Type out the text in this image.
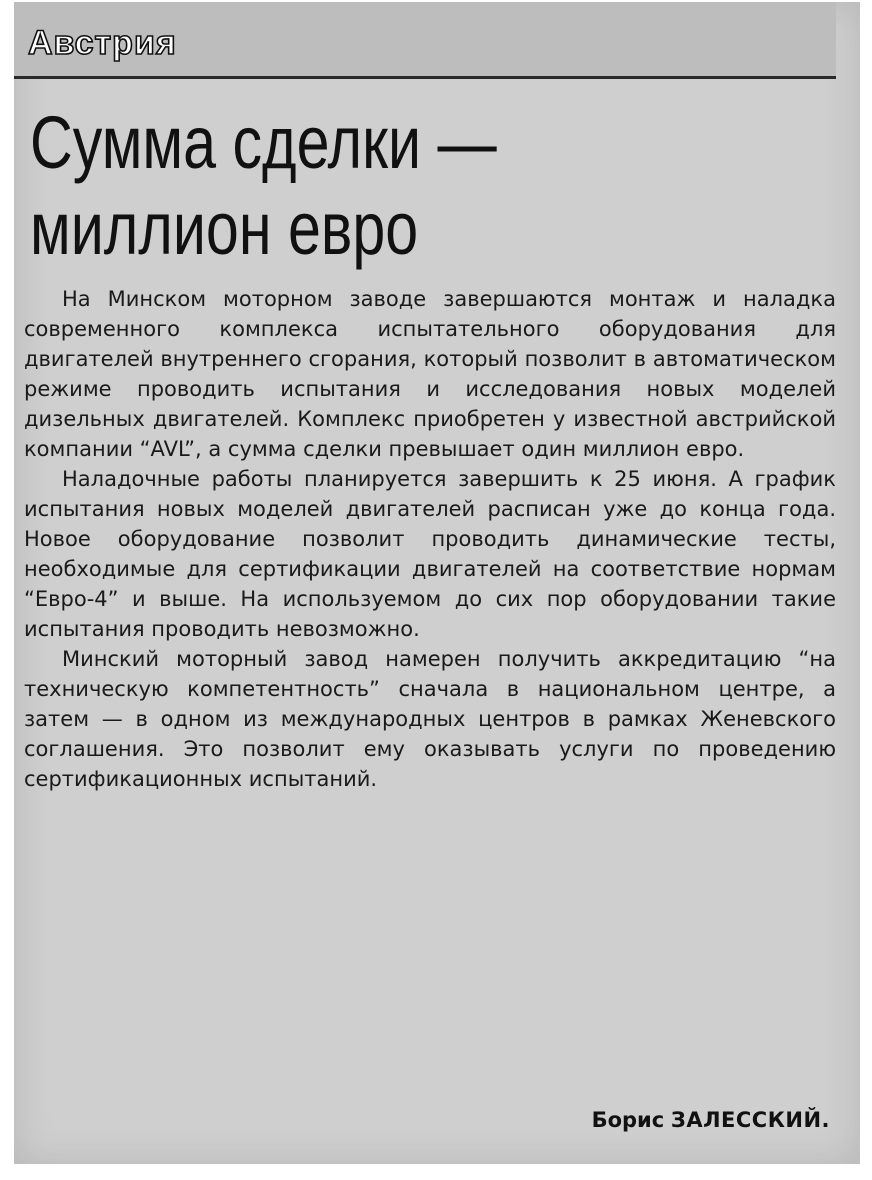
Австрия
Сумма сделки —
миллион евро

На Минском моторном заводе завершаются монтаж и наладка современного комплекса испытательного оборудования для двигателей внутреннего сгорания, который позволит в автоматическом режиме проводить испытания и исследования новых моделей дизельных двигателей. Комплекс приобретен у известной австрийской компании “AVL”, а сумма сделки превышает один миллион евро.

Наладочные работы планируется завершить к 25 июня. А график испытания новых моделей двигателей расписан уже до конца года. Новое оборудование позволит проводить динамические тесты, необходимые для сертификации двигателей на соответствие нормам “Евро-4” и выше. На используемом до сих пор оборудовании такие испытания проводить невозможно.

Минский моторный завод намерен получить аккредитацию “на техническую компетентность” сначала в национальном центре, а затем — в одном из международных центров в рамках Женевского соглашения. Это позволит ему оказывать услуги по проведению сертификационных испытаний.

Борис ЗАЛЕССКИЙ.
